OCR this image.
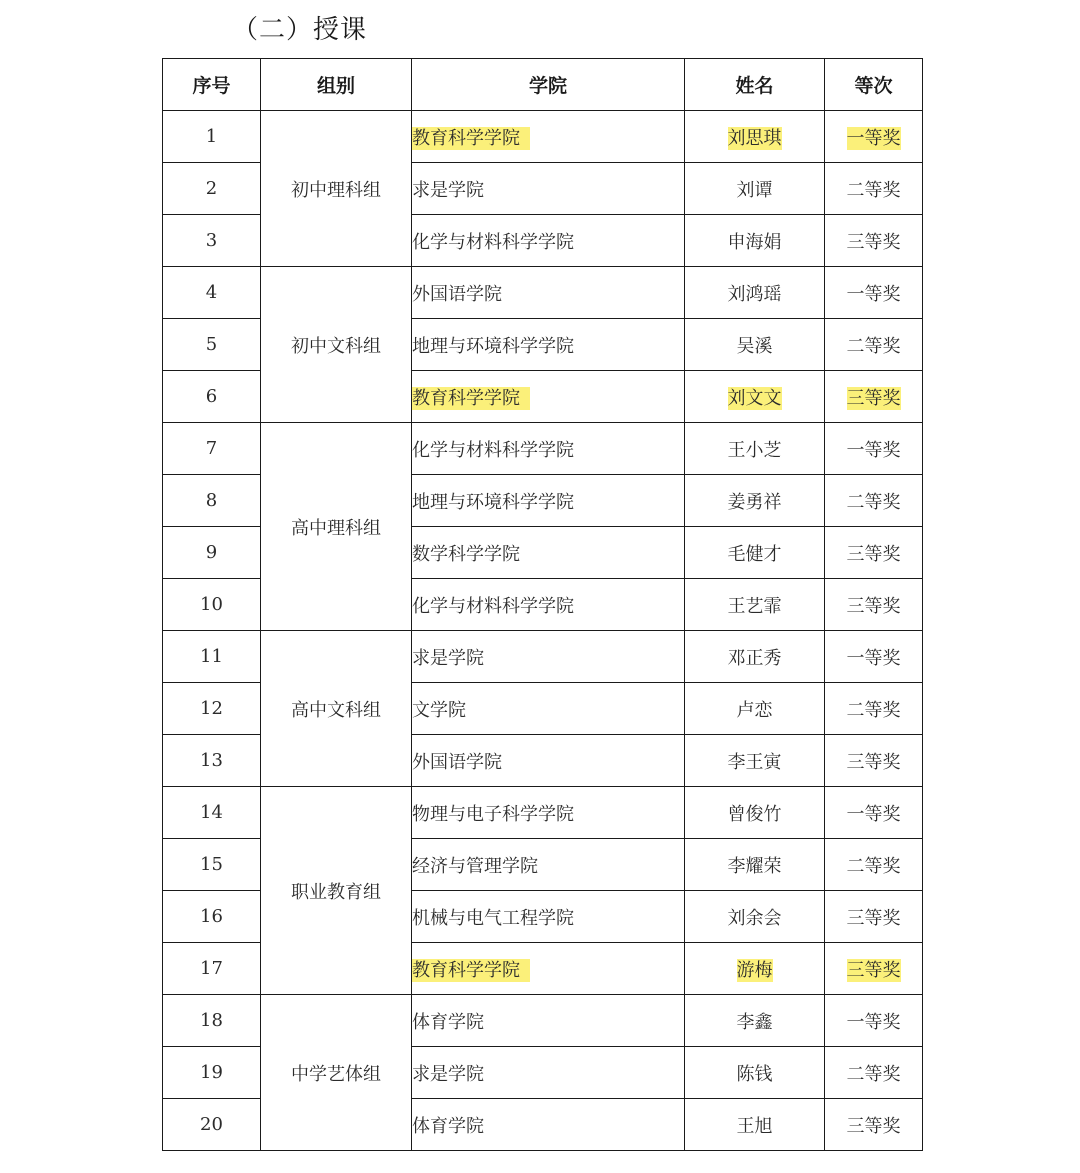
（二）授课
序号	组别	学院	姓名	等次
1	初中理科组	教育科学学院	刘思琪	一等奖
2		求是学院	刘谭	二等奖
3		化学与材料科学学院	申海娟	三等奖
4	初中文科组	外国语学院	刘鸿瑶	一等奖
5		地理与环境科学学院	吴溪	二等奖
6		教育科学学院	刘文文	三等奖
7	高中理科组	化学与材料科学学院	王小芝	一等奖
8		地理与环境科学学院	姜勇祥	二等奖
9		数学科学学院	毛健才	三等奖
10		化学与材料科学学院	王艺霏	三等奖
11	高中文科组	求是学院	邓正秀	一等奖
12		文学院	卢恋	二等奖
13		外国语学院	李王寅	三等奖
14	职业教育组	物理与电子科学学院	曾俊竹	一等奖
15		经济与管理学院	李耀荣	二等奖
16		机械与电气工程学院	刘余会	三等奖
17		教育科学学院	游梅	三等奖
18	中学艺体组	体育学院	李鑫	一等奖
19		求是学院	陈钱	二等奖
20		体育学院	王旭	三等奖
